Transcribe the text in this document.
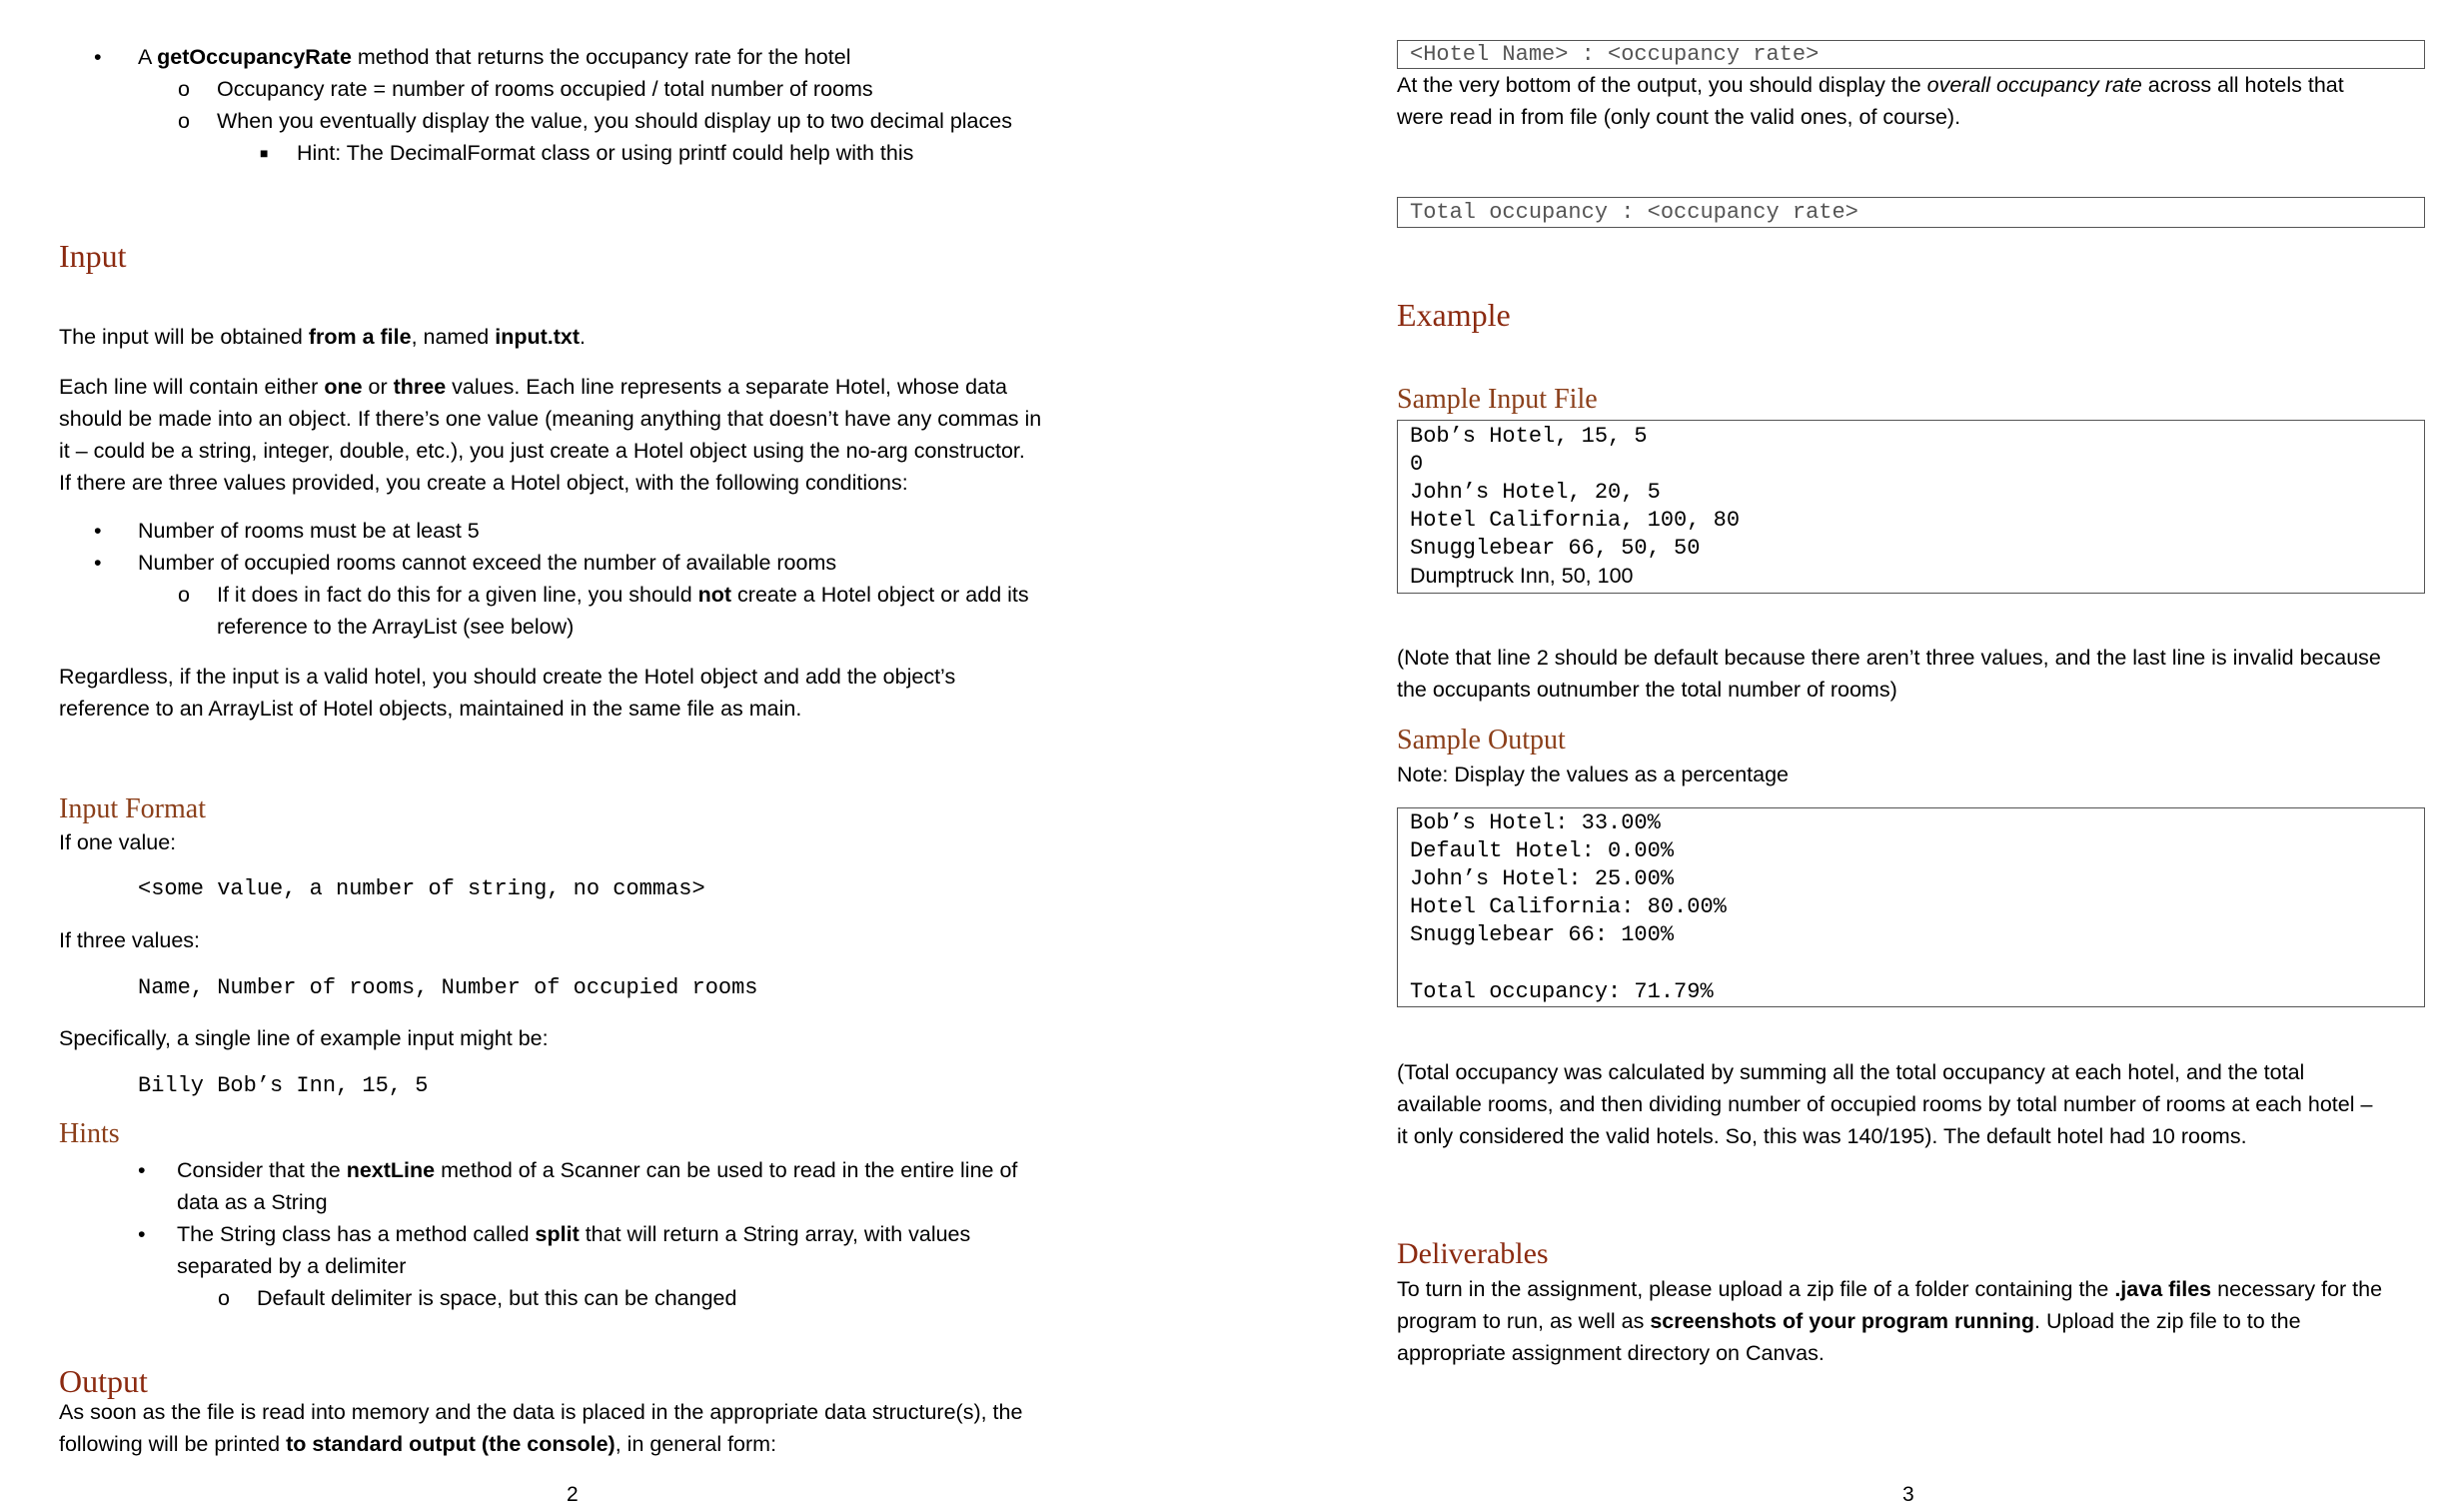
• A getOccupancyRate method that returns the occupancy rate for the hotel
o Occupancy rate = number of rooms occupied / total number of rooms
o When you eventually display the value, you should display up to two decimal places
■ Hint: The DecimalFormat class or using printf could help with this
Input
The input will be obtained from a file, named input.txt.
Each line will contain either one or three values. Each line represents a separate Hotel, whose data
should be made into an object. If there’s one value (meaning anything that doesn’t have any commas in
it – could be a string, integer, double, etc.), you just create a Hotel object using the no-arg constructor.
If there are three values provided, you create a Hotel object, with the following conditions:
• Number of rooms must be at least 5
• Number of occupied rooms cannot exceed the number of available rooms
o If it does in fact do this for a given line, you should not create a Hotel object or add its
reference to the ArrayList (see below)
Regardless, if the input is a valid hotel, you should create the Hotel object and add the object’s
reference to an ArrayList of Hotel objects, maintained in the same file as main.
Input Format
If one value:
<some value, a number of string, no commas>
If three values:
Name, Number of rooms, Number of occupied rooms
Specifically, a single line of example input might be:
Billy Bob’s Inn, 15, 5
Hints
• Consider that the nextLine method of a Scanner can be used to read in the entire line of
data as a String
• The String class has a method called split that will return a String array, with values
separated by a delimiter
o Default delimiter is space, but this can be changed
Output
As soon as the file is read into memory and the data is placed in the appropriate data structure(s), the
following will be printed to standard output (the console), in general form:
2
<Hotel Name> : <occupancy rate>
At the very bottom of the output, you should display the overall occupancy rate across all hotels that
were read in from file (only count the valid ones, of course).
Total occupancy : <occupancy rate>
Example
Sample Input File
Bob’s Hotel, 15, 5
0
John’s Hotel, 20, 5
Hotel California, 100, 80
Snugglebear 66, 50, 50
Dumptruck Inn, 50, 100
(Note that line 2 should be default because there aren’t three values, and the last line is invalid because
the occupants outnumber the total number of rooms)
Sample Output
Note: Display the values as a percentage
Bob’s Hotel: 33.00%
Default Hotel: 0.00%
John’s Hotel: 25.00%
Hotel California: 80.00%
Snugglebear 66: 100%
Total occupancy: 71.79%
(Total occupancy was calculated by summing all the total occupancy at each hotel, and the total
available rooms, and then dividing number of occupied rooms by total number of rooms at each hotel –
it only considered the valid hotels. So, this was 140/195). The default hotel had 10 rooms.
Deliverables
To turn in the assignment, please upload a zip file of a folder containing the .java files necessary for the
program to run, as well as screenshots of your program running. Upload the zip file to to the
appropriate assignment directory on Canvas.
3
